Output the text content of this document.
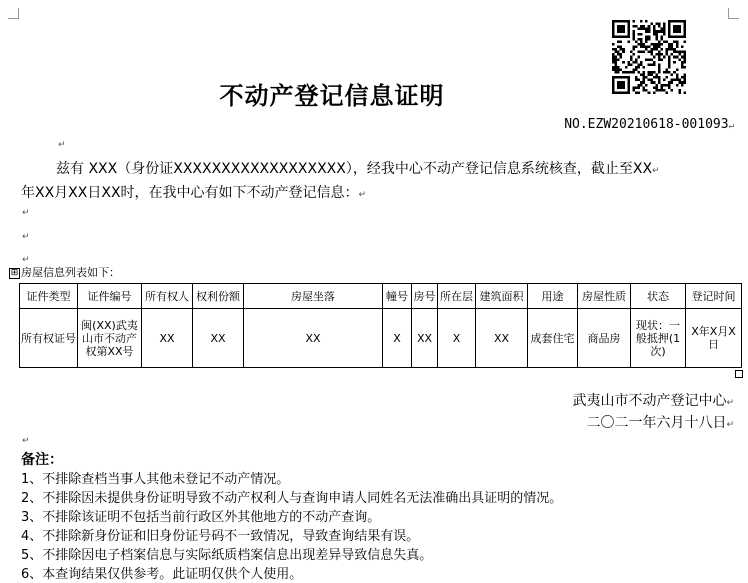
不动产登记信息证明
NO.EZW20210618-001093↵
↵
兹有 XXX（身份证XXXXXXXXXXXXXXXXXX），经我中心不动产登记信息系统核查，截止至XX↵
年XX月XX日XX时，在我中心有如下不动产登记信息：↵
↵
↵
↵
⊞ 房屋信息列表如下：
证件类型	证件编号	所有权人	权利份额	房屋坐落	幢号	房号	所在层	建筑面积	用途	房屋性质	状态	登记时间
所有权证号	闽(XX)武夷山市不动产权第XX号	XX	XX	XX	X	XX	X	XX	成套住宅	商品房	现状：一般抵押(1次)	X年X月X日
武夷山市不动产登记中心↵
二〇二一年六月十八日↵
↵
备注：
1、不排除查档当事人其他未登记不动产情况。
2、不排除因未提供身份证明导致不动产权利人与查询申请人同姓名无法准确出具证明的情况。
3、不排除该证明不包括当前行政区外其他地方的不动产查询。
4、不排除新身份证和旧身份证号码不一致情况，导致查询结果有误。
5、不排除因电子档案信息与实际纸质档案信息出现差异导致信息失真。
6、本查询结果仅供参考。此证明仅供个人使用。
